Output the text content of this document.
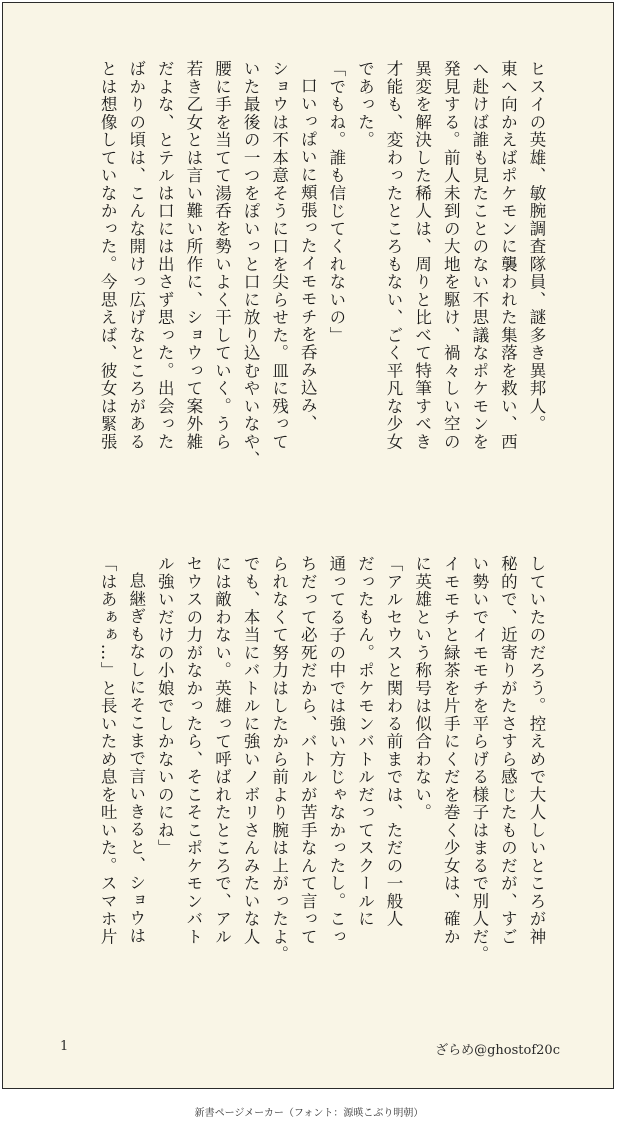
ヒスイの英雄、敏腕調査隊員、謎多き異邦人。

東へ向かえばポケモンに襲われた集落を救い、西

へ赴けば誰も見たことのない不思議なポケモンを

発見する。前人未到の大地を駆け、禍々しい空の

異変を解決した稀人は、周りと比べて特筆すべき

才能も、変わったところもない、ごく平凡な少女

であった。

「でもね。誰も信じてくれないの」

口いっぱいに頬張ったイモモチを呑み込み、

ショウは不本意そうに口を尖らせた。皿に残って

いた最後の一つをぽいっと口に放り込むやいなや、

腰に手を当てて湯呑を勢いよく干していく。うら

若き乙女とは言い難い所作に、ショウって案外雑

だよな、とテルは口には出さず思った。出会った

ばかりの頃は、こんな開けっ広げなところがある

とは想像していなかった。今思えば、彼女は緊張

していたのだろう。控えめで大人しいところが神

秘的で、近寄りがたさすら感じたものだが、すご

い勢いでイモモチを平らげる様子はまるで別人だ。

イモモチと緑茶を片手にくだを巻く少女は、確か

に英雄という称号は似合わない。

「アルセウスと関わる前までは、ただの一般人

だったもん。ポケモンバトルだってスクールに

通ってる子の中では強い方じゃなかったし。こっ

ちだって必死だから、バトルが苦手なんて言って

られなくて努力はしたから前より腕は上がったよ。

でも、本当にバトルに強いノボリさんみたいな人

には敵わない。英雄って呼ばれたところで、アル

セウスの力がなかったら、そこそこポケモンバト

ル強いだけの小娘でしかないのにね」

息継ぎもなしにそこまで言いきると、ショウは

「はあぁぁ…」と長いため息を吐いた。スマホ片

1	ざらめ@ghostof20c
新書ページメーカー（フォント：源暎こぶり明朝）
